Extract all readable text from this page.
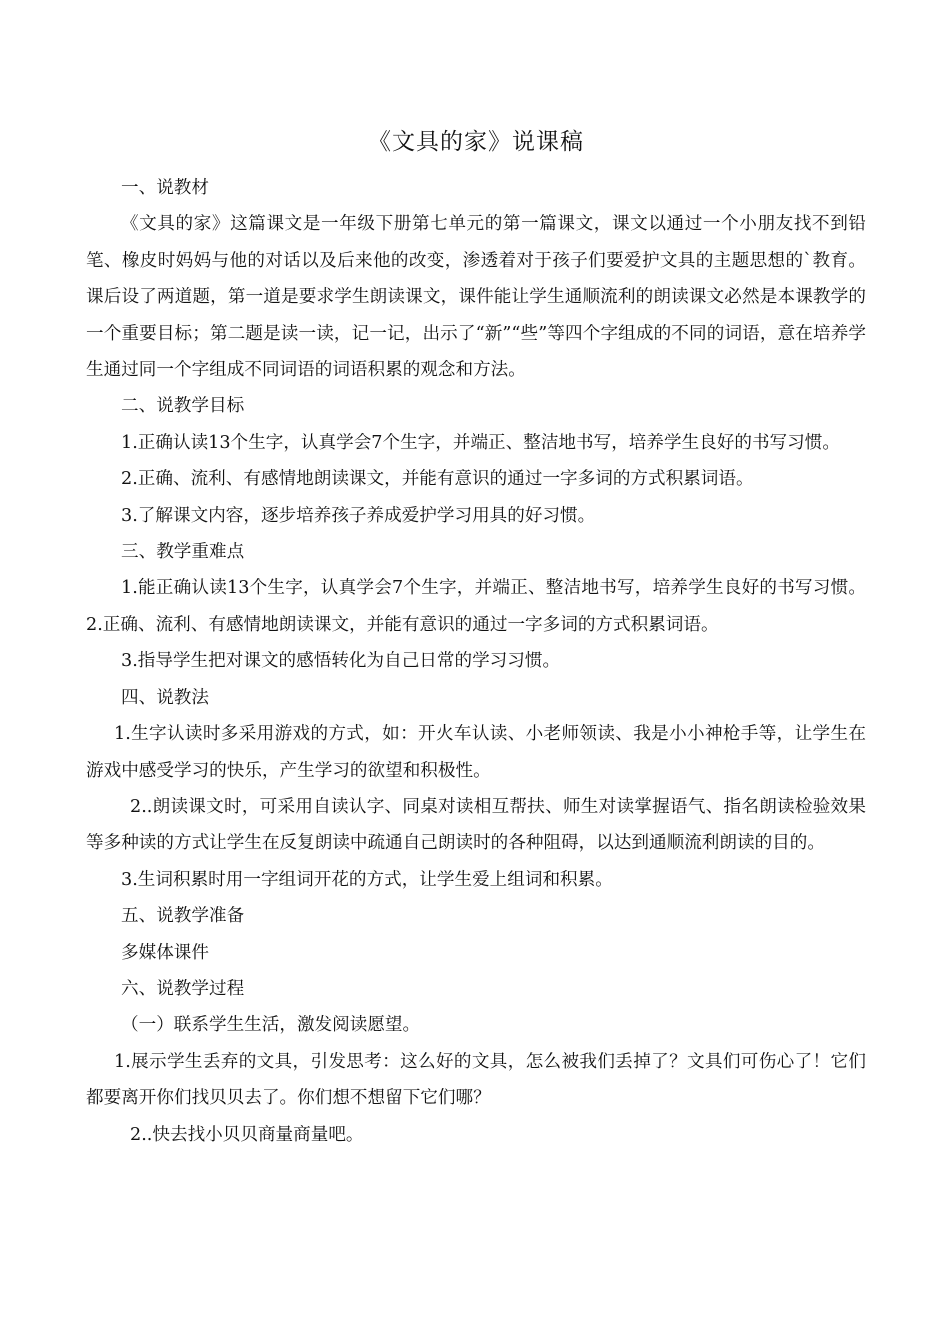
《文具的家》说课稿

一、说教材

《文具的家》这篇课文是一年级下册第七单元的第一篇课文，课文以通过一个小朋友找不到铅笔、橡皮时妈妈与他的对话以及后来他的改变，渗透着对于孩子们要爱护文具的主题思想的`教育。课后设了两道题，第一道是要求学生朗读课文，课件能让学生通顺流利的朗读课文必然是本课教学的一个重要目标；第二题是读一读，记一记，出示了“新”“些”等四个字组成的不同的词语，意在培养学生通过同一个字组成不同词语的词语积累的观念和方法。

二、说教学目标

1.正确认读13个生字，认真学会7个生字，并端正、整洁地书写，培养学生良好的书写习惯。

2.正确、流利、有感情地朗读课文，并能有意识的通过一字多词的方式积累词语。

3.了解课文内容，逐步培养孩子养成爱护学习用具的好习惯。

三、教学重难点

1.能正确认读13个生字，认真学会7个生字，并端正、整洁地书写，培养学生良好的书写习惯。2.正确、流利、有感情地朗读课文，并能有意识的通过一字多词的方式积累词语。

3.指导学生把对课文的感悟转化为自己日常的学习习惯。

四、说教法

1.生字认读时多采用游戏的方式，如：开火车认读、小老师领读、我是小小神枪手等，让学生在游戏中感受学习的快乐，产生学习的欲望和积极性。

2..朗读课文时，可采用自读认字、同桌对读相互帮扶、师生对读掌握语气、指名朗读检验效果等多种读的方式让学生在反复朗读中疏通自己朗读时的各种阻碍，以达到通顺流利朗读的目的。

3.生词积累时用一字组词开花的方式，让学生爱上组词和积累。

五、说教学准备

多媒体课件

六、说教学过程

（一）联系学生生活，激发阅读愿望。

1.展示学生丢弃的文具，引发思考：这么好的文具，怎么被我们丢掉了？文具们可伤心了！它们都要离开你们找贝贝去了。你们想不想留下它们哪？

2..快去找小贝贝商量商量吧。
